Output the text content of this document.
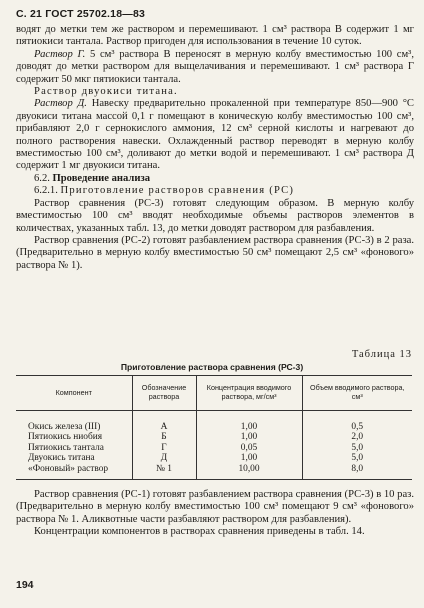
С. 21 ГОСТ 25702.18—83

водят до метки тем же раствором и перемешивают. 1 см³ раствора В содержит 1 мг пятиокиси тантала. Раствор пригоден для использования в течение 10 суток.

Раствор Г. 5 см³ раствора В переносят в мерную колбу вместимостью 100 см³, доводят до метки раствором для выщелачивания и перемешивают. 1 см³ раствора Г содержит 50 мкг пятиокиси тантала.

Раствор двуокиси титана.

Раствор Д. Навеску предварительно прокаленной при температуре 850—900 °С двуокиси титана массой 0,1 г помещают в коническую колбу вместимостью 100 см³, прибавляют 2,0 г сернокислого аммония, 12 см³ серной кислоты и нагревают до полного растворения навески. Охлажденный раствор переводят в мерную колбу вместимостью 100 см³, доливают до метки водой и перемешивают. 1 см³ раствора Д содержит 1 мг двуокиси титана.

6.2. Проведение анализа

6.2.1. Приготовление растворов сравнения (РС)

Раствор сравнения (РС-3) готовят следующим образом. В мерную колбу вместимостью 100 см³ вводят необходимые объемы растворов элементов в количествах, указанных табл. 13, до метки доводят раствором для разбавления.

Раствор сравнения (РС-2) готовят разбавлением раствора сравнения (РС-3) в 2 раза. (Предварительно в мерную колбу вместимостью 50 см³ помещают 2,5 см³ «фонового» раствора № 1).

Таблица 13
Приготовление раствора сравнения (РС-3)
Компонент	Обозначение раствора	Концентрация вводимого раствора, мг/см³	Объем вводимого раствора, см³
Окись железа (III)	А	1,00	0,5
Пятиокись ниобия	Б	1,00	2,0
Пятиокись тантала	Г	0,05	5,0
Двуокись титана	Д	1,00	5,0
«Фоновый» раствор	№ 1	10,00	8,0

Раствор сравнения (РС-1) готовят разбавлением раствора сравнения (РС-3) в 10 раз. (Предварительно в мерную колбу вместимостью 100 см³ помещают 9 см³ «фонового» раствора № 1. Аликвотные части разбавляют раствором для разбавления).

Концентрации компонентов в растворах сравнения приведены в табл. 14.

194
